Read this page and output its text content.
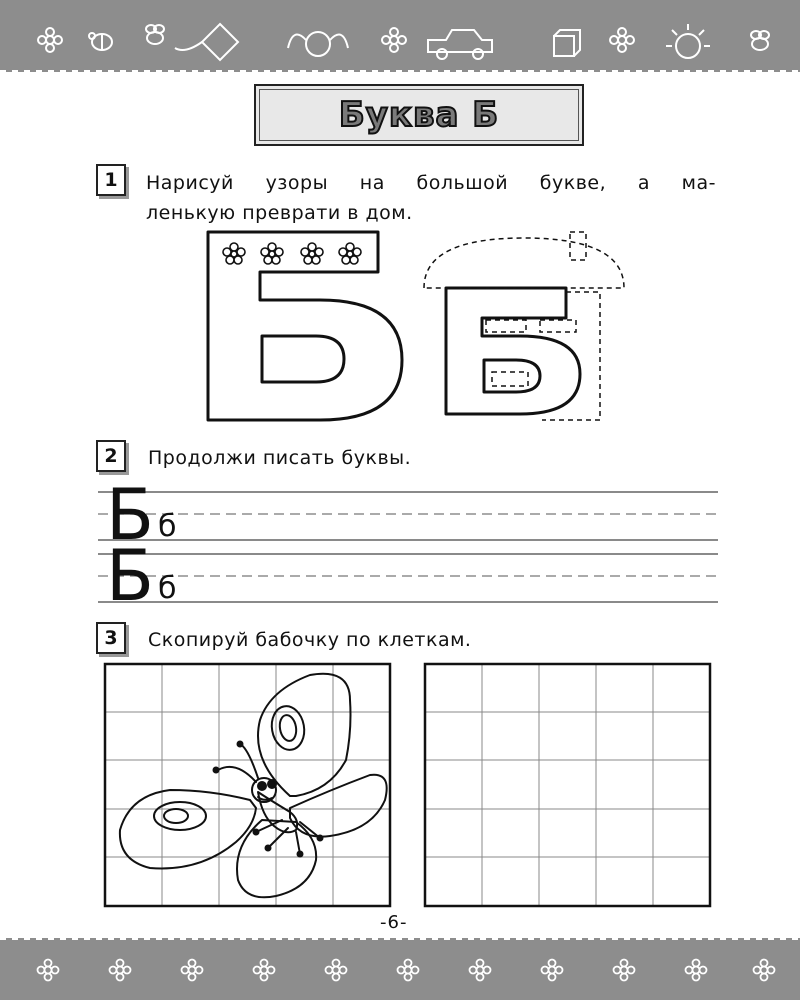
Буква Б
1	Нарисуй узоры на большой букве, а ма-
ленькую преврати в дом.
2	Продолжи писать буквы.
Б б
Б б
3	Скопируй бабочку по клеткам.
-6-
